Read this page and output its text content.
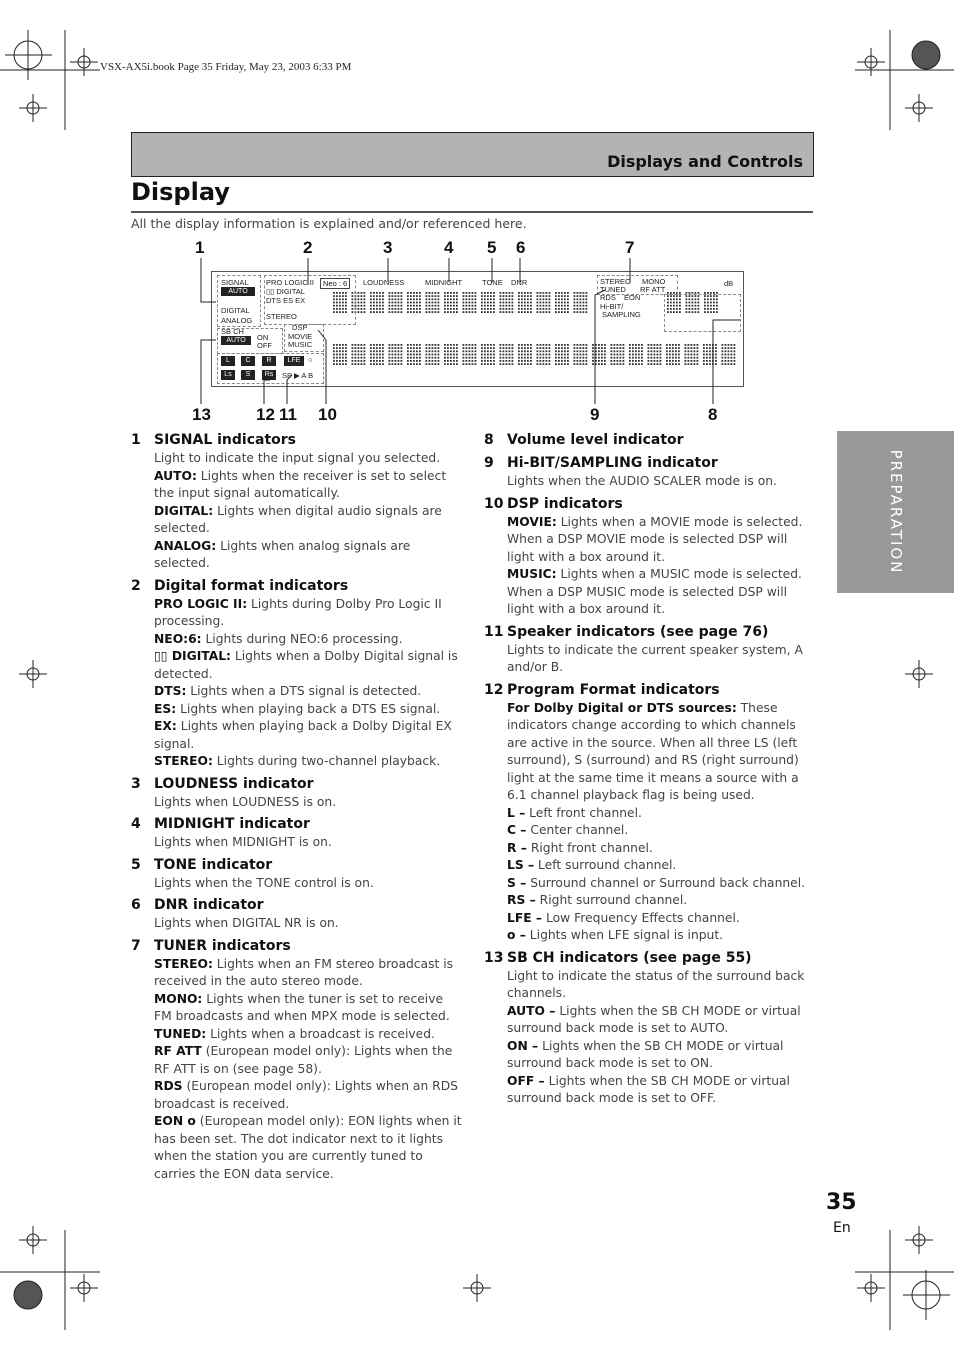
VSX-AX5i.book Page 35 Friday, May 23, 2003 6:33 PM
Displays and Controls
Display
All the display information is explained and/or referenced here.
PREPARATION
1	2	3	4 5 6	7
13	12 11 10	9	8
SIGNAL
AUTO
DIGITAL
ANALOG
PRO LOGIC II	Neo : 6
▯▯ DIGITAL
DTS ES EX
STEREO
LOUDNESS	MIDNIGHT	TONE DNR	STEREO MONO
TUNED RF ATT
RDS EON
Hi-BIT/
SAMPLING
dB
SB CH
AUTO	ON
OFF
DSP
MOVIE
MUSIC
L	C	R	LFE	○
Ls	S	Rs	SP ▶ A B
1 SIGNAL indicators
Light to indicate the input signal you selected.
AUTO: Lights when the receiver is set to select the input signal automatically.
DIGITAL: Lights when digital audio signals are selected.
ANALOG: Lights when analog signals are selected.
2 Digital format indicators
PRO LOGIC II: Lights during Dolby Pro Logic II processing.
NEO:6: Lights during NEO:6 processing.
▯▯ DIGITAL: Lights when a Dolby Digital signal is detected.
DTS: Lights when a DTS signal is detected.
ES: Lights when playing back a DTS ES signal.
EX: Lights when playing back a Dolby Digital EX signal.
STEREO: Lights during two-channel playback.
3 LOUDNESS indicator
Lights when LOUDNESS is on.
4 MIDNIGHT indicator
Lights when MIDNIGHT is on.
5 TONE indicator
Lights when the TONE control is on.
6 DNR indicator
Lights when DIGITAL NR is on.
7 TUNER indicators
STEREO: Lights when an FM stereo broadcast is received in the auto stereo mode.
MONO: Lights when the tuner is set to receive FM broadcasts and when MPX mode is selected.
TUNED: Lights when a broadcast is received.
RF ATT (European model only): Lights when the RF ATT is on (see page 58).
RDS (European model only): Lights when an RDS broadcast is received.
EON ο (European model only): EON lights when it has been set. The dot indicator next to it lights when the station you are currently tuned to carries the EON data service.
8 Volume level indicator
9 Hi-BIT/SAMPLING indicator
Lights when the AUDIO SCALER mode is on.
10 DSP indicators
MOVIE: Lights when a MOVIE mode is selected. When a DSP MOVIE mode is selected DSP will light with a box around it.
MUSIC: Lights when a MUSIC mode is selected. When a DSP MUSIC mode is selected DSP will light with a box around it.
11 Speaker indicators (see page 76)
Lights to indicate the current speaker system, A and/or B.
12 Program Format indicators
For Dolby Digital or DTS sources: These indicators change according to which channels are active in the source. When all three LS (left surround), S (surround) and RS (right surround) light at the same time it means a source with a 6.1 channel playback flag is being used.
L – Left front channel.
C – Center channel.
R – Right front channel.
LS – Left surround channel.
S – Surround channel or Surround back channel.
RS – Right surround channel.
LFE – Low Frequency Effects channel.
ο – Lights when LFE signal is input.
13 SB CH indicators (see page 55)
Light to indicate the status of the surround back channels.
AUTO – Lights when the SB CH MODE or virtual surround back mode is set to AUTO.
ON – Lights when the SB CH MODE or virtual surround back mode is set to ON.
OFF – Lights when the SB CH MODE or virtual surround back mode is set to OFF.
35
En
